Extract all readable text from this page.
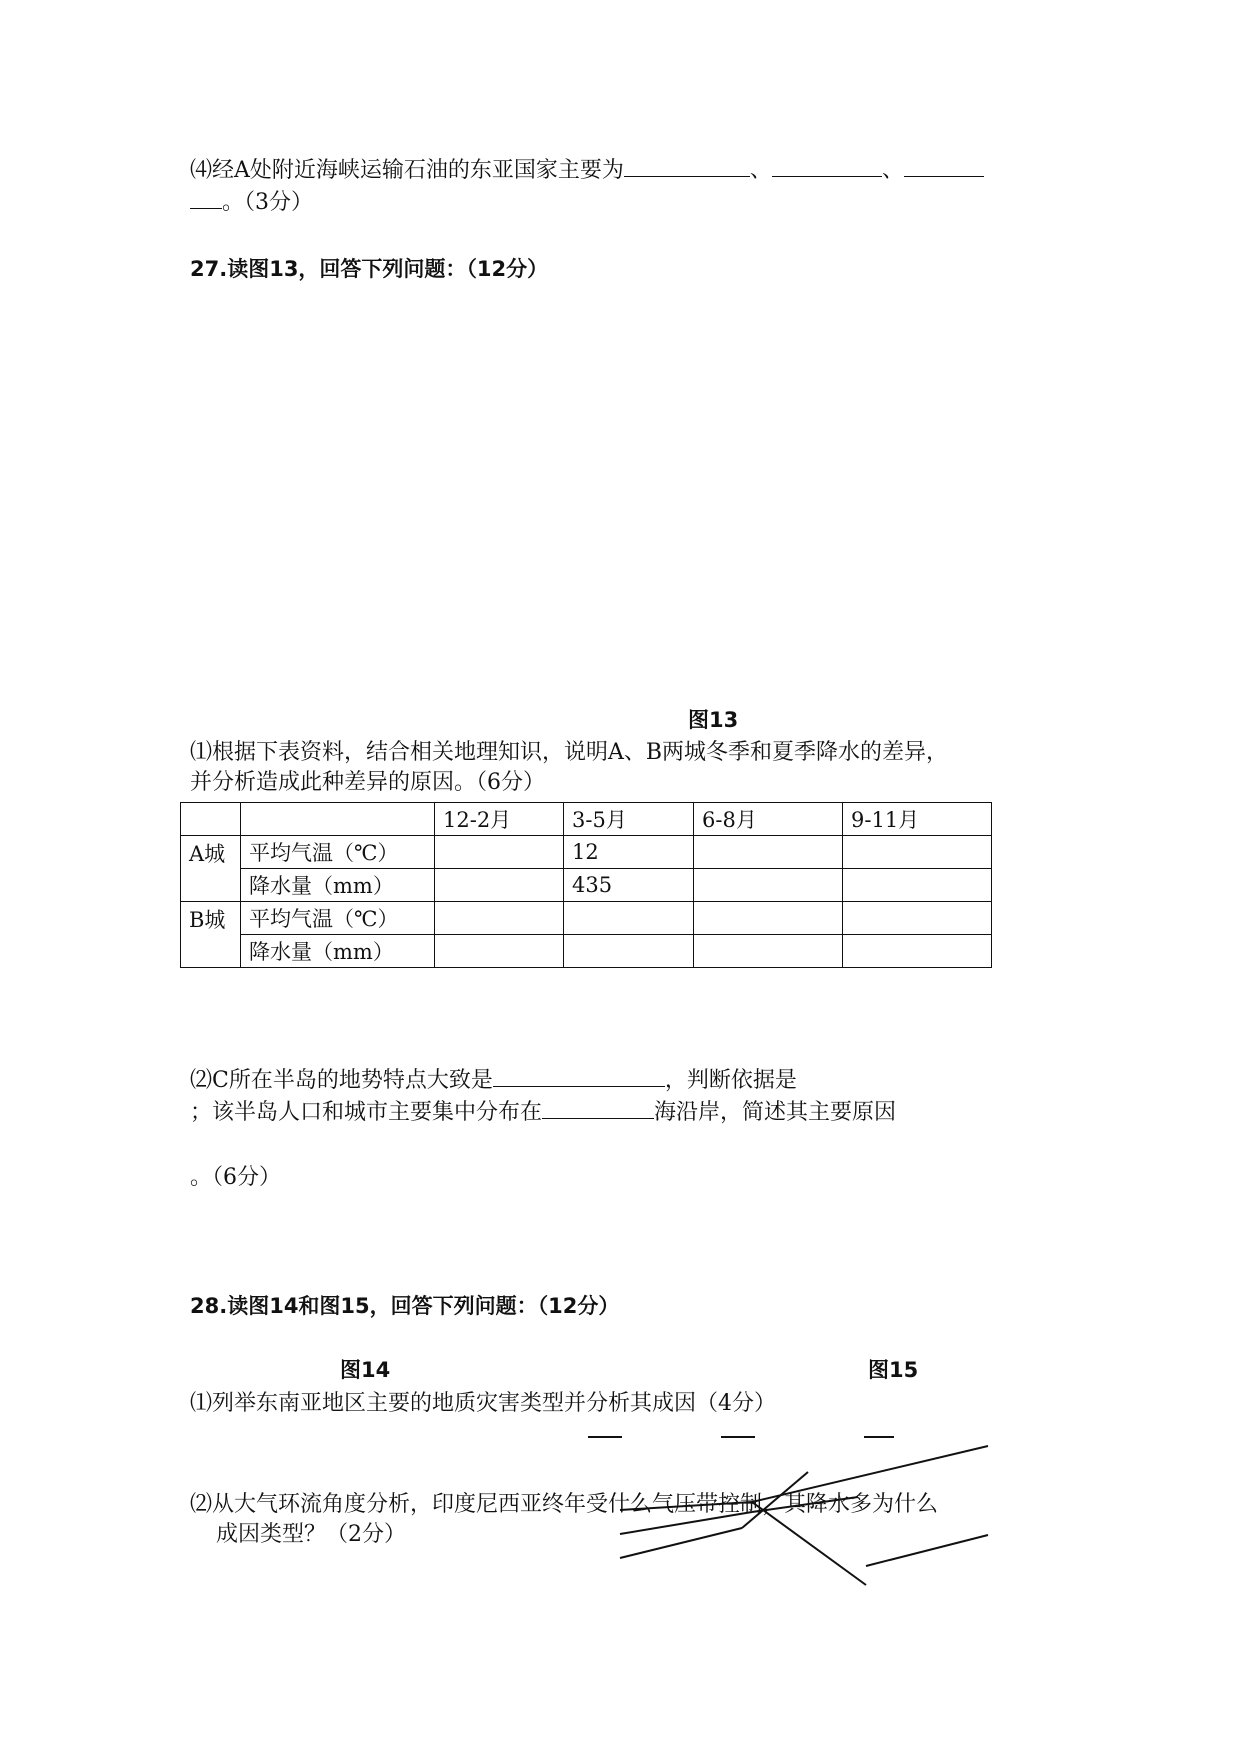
⑷经A处附近海峡运输石油的东亚国家主要为	、	、
。（3分）
27.读图13，回答下列问题：（12分）
图13
⑴根据下表资料，结合相关地理知识，说明A、B两城冬季和夏季降水的差异，
并分析造成此种差异的原因。（6分）
		12-2月	3-5月	6-8月	9-11月
A城	平均气温（℃）		12		
	降水量（mm）		435		
B城	平均气温（℃）				
	降水量（mm）				
⑵C所在半岛的地势特点大致是	，判断依据是
；该半岛人口和城市主要集中分布在	海沿岸，简述其主要原因
。（6分）
28.读图14和图15，回答下列问题：（12分）
图14	图15
⑴列举东南亚地区主要的地质灾害类型并分析其成因（4分）
⑵从大气环流角度分析，印度尼西亚终年受什么气压带控制，其降水多为什么
成因类型？（2分）
